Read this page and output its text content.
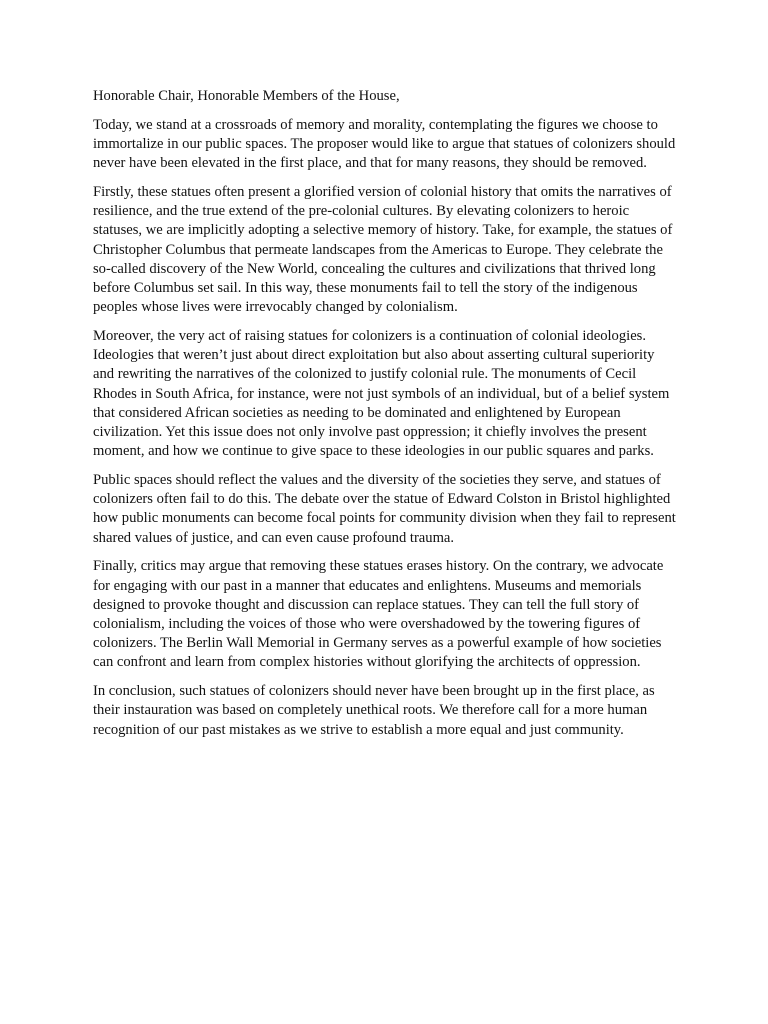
Honorable Chair, Honorable Members of the House,

Today, we stand at a crossroads of memory and morality, contemplating the figures we choose to immortalize in our public spaces. The proposer would like to argue that statues of colonizers should never have been elevated in the first place, and that for many reasons, they should be removed.

Firstly, these statues often present a glorified version of colonial history that omits the narratives of resilience, and the true extend of the pre-colonial cultures. By elevating colonizers to heroic statuses, we are implicitly adopting a selective memory of history. Take, for example, the statues of Christopher Columbus that permeate landscapes from the Americas to Europe. They celebrate the so-called discovery of the New World, concealing the cultures and civilizations that thrived long before Columbus set sail. In this way, these monuments fail to tell the story of the indigenous peoples whose lives were irrevocably changed by colonialism.

Moreover, the very act of raising statues for colonizers is a continuation of colonial ideologies. Ideologies that weren’t just about direct exploitation but also about asserting cultural superiority and rewriting the narratives of the colonized to justify colonial rule. The monuments of Cecil Rhodes in South Africa, for instance, were not just symbols of an individual, but of a belief system that considered African societies as needing to be dominated and enlightened by European civilization. Yet this issue does not only involve past oppression; it chiefly involves the present moment, and how we continue to give space to these ideologies in our public squares and parks.

Public spaces should reflect the values and the diversity of the societies they serve, and statues of colonizers often fail to do this. The debate over the statue of Edward Colston in Bristol highlighted how public monuments can become focal points for community division when they fail to represent shared values of justice, and can even cause profound trauma.

Finally, critics may argue that removing these statues erases history. On the contrary, we advocate for engaging with our past in a manner that educates and enlightens. Museums and memorials designed to provoke thought and discussion can replace statues. They can tell the full story of colonialism, including the voices of those who were overshadowed by the towering figures of colonizers. The Berlin Wall Memorial in Germany serves as a powerful example of how societies can confront and learn from complex histories without glorifying the architects of oppression.

In conclusion, such statues of colonizers should never have been brought up in the first place, as their instauration was based on completely unethical roots. We therefore call for a more human recognition of our past mistakes as we strive to establish a more equal and just community.
